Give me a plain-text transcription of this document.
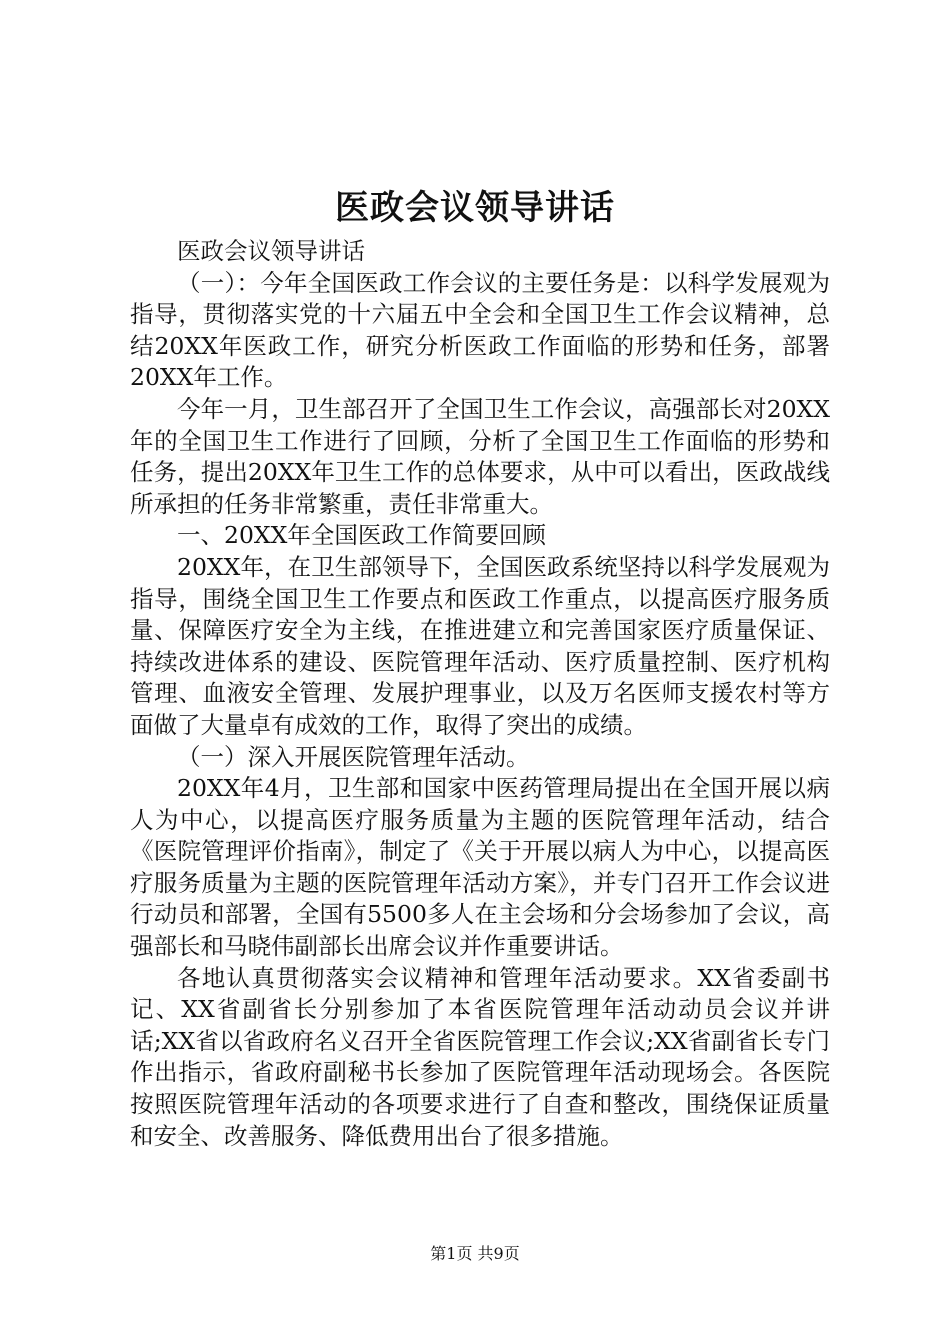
医政会议领导讲话

医政会议领导讲话

（一）：今年全国医政工作会议的主要任务是：以科学发展观为指导，贯彻落实党的十六届五中全会和全国卫生工作会议精神，总结20XX年医政工作，研究分析医政工作面临的形势和任务，部署20XX年工作。

今年一月，卫生部召开了全国卫生工作会议，高强部长对20XX年的全国卫生工作进行了回顾，分析了全国卫生工作面临的形势和任务，提出20XX年卫生工作的总体要求，从中可以看出，医政战线所承担的任务非常繁重，责任非常重大。

一、20XX年全国医政工作简要回顾

20XX年，在卫生部领导下，全国医政系统坚持以科学发展观为指导，围绕全国卫生工作要点和医政工作重点，以提高医疗服务质量、保障医疗安全为主线，在推进建立和完善国家医疗质量保证、持续改进体系的建设、医院管理年活动、医疗质量控制、医疗机构管理、血液安全管理、发展护理事业，以及万名医师支援农村等方面做了大量卓有成效的工作，取得了突出的成绩。

（一）深入开展医院管理年活动。

20XX年4月，卫生部和国家中医药管理局提出在全国开展以病人为中心，以提高医疗服务质量为主题的医院管理年活动，结合《医院管理评价指南》，制定了《关于开展以病人为中心，以提高医疗服务质量为主题的医院管理年活动方案》，并专门召开工作会议进行动员和部署，全国有5500多人在主会场和分会场参加了会议，高强部长和马晓伟副部长出席会议并作重要讲话。

各地认真贯彻落实会议精神和管理年活动要求。XX省委副书记、XX省副省长分别参加了本省医院管理年活动动员会议并讲话;XX省以省政府名义召开全省医院管理工作会议;XX省副省长专门作出指示，省政府副秘书长参加了医院管理年活动现场会。各医院按照医院管理年活动的各项要求进行了自查和整改，围绕保证质量和安全、改善服务、降低费用出台了很多措施。

第1页 共9页
